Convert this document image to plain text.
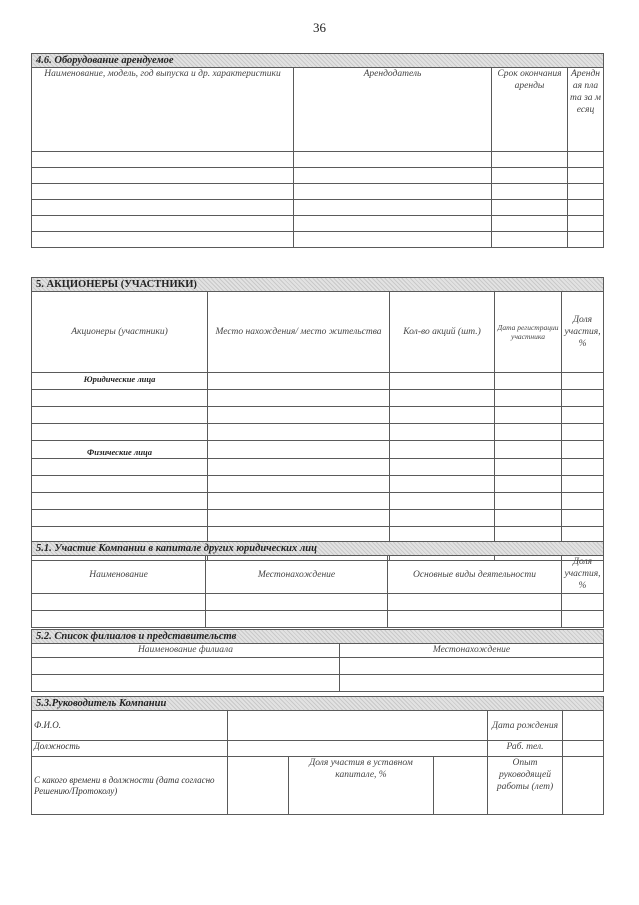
36
4.6. Оборудование арендуемое			
Наименование, модель, год выпуска и др. характеристики	Арендодатель	Срок окончания аренды	Арендная плата за месяц

5. АКЦИОНЕРЫ (УЧАСТНИКИ)				
Акционеры (участники)	Место нахождения/ место жительства	Кол-во акций (шт.)	Дата регистрации участника	Доля участия, %
Юридические лица				

Физические лица				

5.1. Участие Компании в капитале других юридических лиц			
Наименование	Местонахождение	Основные виды деятельности	Доля участия, %

5.2. Список филиалов и представительств	
Наименование филиала	Местонахождение

5.3.Руководитель Компании					
Ф.И.О.				Дата рождения	
Должность				Раб. тел.	
С какого времени в должности (дата согласно Решению/Протоколу)		Доля участия в уставном капитале, %		Опыт руководящей работы (лет)	
